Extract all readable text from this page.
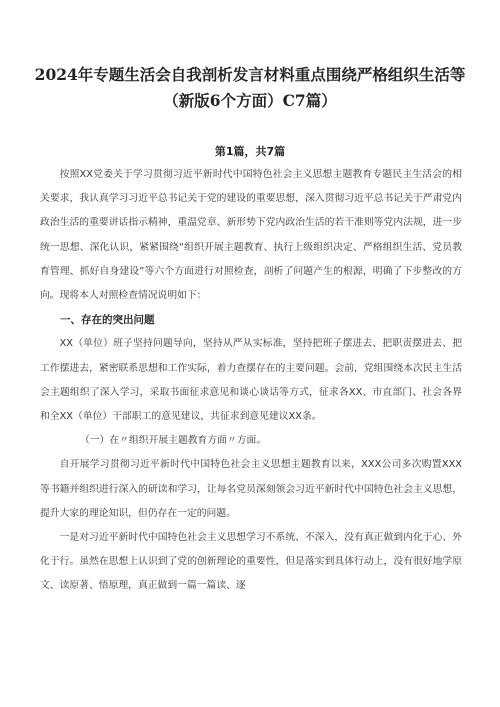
2024年专题生活会自我剖析发言材料重点围绕严格组织生活等（新版6个方面）C7篇）
第1篇，共7篇

按照XX党委关于学习贯彻习近平新时代中国特色社会主义思想主题教育专题民主生活会的相关要求，我认真学习习近平总书记关于党的建设的重要思想，深入贯彻习近平总书记关于严肃党内政治生活的重要讲话指示精神，重温党章、新形势下党内政治生活的若干准则等党内法规，进一步统一思想、深化认识，紧紧围绕“组织开展主题教育、执行上级组织决定、严格组织生活、党员教育管理、抓好自身建设”等六个方面进行对照检查，剖析了问题产生的根源，明确了下步整改的方向。现将本人对照检查情况说明如下：

一、存在的突出问题

XX（单位）班子坚持问题导向，坚持从严从实标准，坚持把班子摆进去、把职责摆进去、把工作摆进去，紧密联系思想和工作实际，着力查摆存在的主要问题。会前，党组围绕本次民主生活会主题组织了深入学习，采取书面征求意见和谈心谈话等方式，征求各XX、市直部门、社会各界和全XX（单位）干部职工的意见建议，共征求到意见建议XX条。

（一）在〃组织开展主题教育方面〃方面。

自开展学习贯彻习近平新时代中国特色社会主义思想主题教育以来，XXX公司多次购置XXX等书籍并组织进行深入的研读和学习，让每名党员深刻领会习近平新时代中国特色社会主义思想，提升大家的理论知识，但仍存在一定的问题。

一是对习近平新时代中国特色社会主义思想学习不系统、不深入，没有真正做到内化于心、外化于行。虽然在思想上认识到了党的创新理论的重要性，但是落实到具体行动上，没有很好地学原文、读原著、悟原理，真正做到一篇一篇读、逐
